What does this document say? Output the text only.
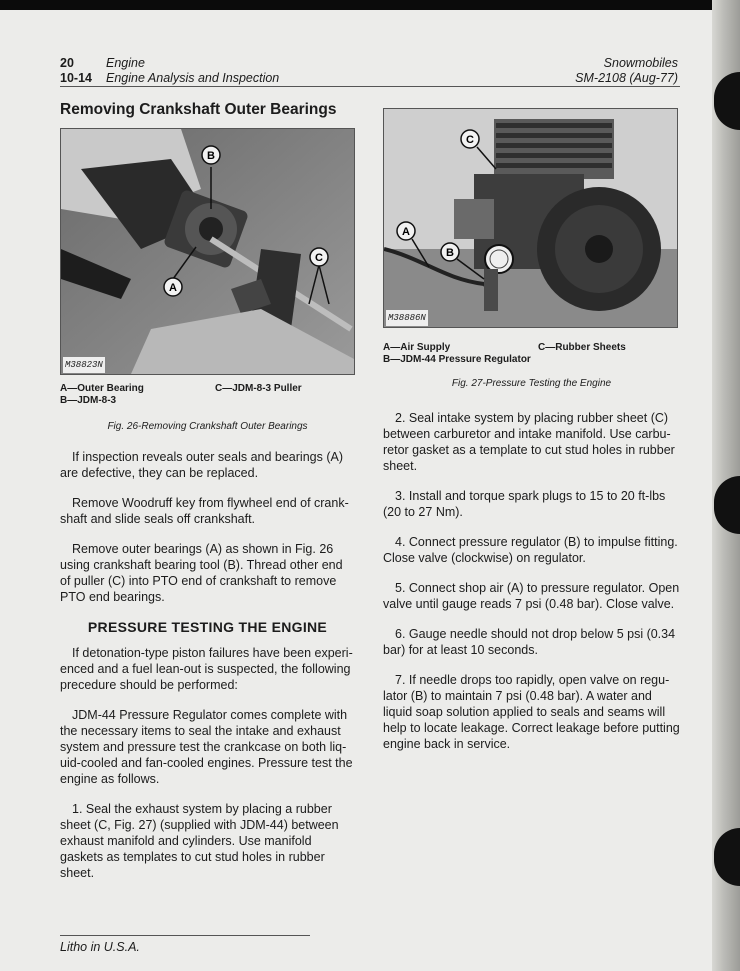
20	Engine
10-14 Engine Analysis and Inspection
Snowmobiles
SM-2108 (Aug-77)
Removing Crankshaft Outer Bearings
B
A
C
M38823N
A—Outer Bearing	C—JDM-8-3 Puller
B—JDM-8-3
Fig. 26-Removing Crankshaft Outer Bearings

If inspection reveals outer seals and bearings (A) are defective, they can be replaced.

Remove Woodruff key from flywheel end of crank-shaft and slide seals off crankshaft.

Remove outer bearings (A) as shown in Fig. 26 using crankshaft bearing tool (B). Thread other end of puller (C) into PTO end of crankshaft to remove PTO end bearings.

PRESSURE TESTING THE ENGINE

If detonation-type piston failures have been experi-enced and a fuel lean-out is suspected, the following precedure should be performed:

JDM-44 Pressure Regulator comes complete with the necessary items to seal the intake and exhaust system and pressure test the crankcase on both liq-uid-cooled and fan-cooled engines. Pressure test the engine as follows.

1. Seal the exhaust system by placing a rubber sheet (C, Fig. 27) (supplied with JDM-44) between exhaust manifold and cylinders. Use manifold gaskets as templates to cut stud holes in rubber sheet.

C
A
B
M38886N
A—Air Supply	C—Rubber Sheets
B—JDM-44 Pressure Regulator
Fig. 27-Pressure Testing the Engine

2. Seal intake system by placing rubber sheet (C) between carburetor and intake manifold. Use carbu-retor gasket as a template to cut stud holes in rubber sheet.

3. Install and torque spark plugs to 15 to 20 ft-lbs (20 to 27 Nm).

4. Connect pressure regulator (B) to impulse fitting. Close valve (clockwise) on regulator.

5. Connect shop air (A) to pressure regulator. Open valve until gauge reads 7 psi (0.48 bar). Close valve.

6. Gauge needle should not drop below 5 psi (0.34 bar) for at least 10 seconds.

7. If needle drops too rapidly, open valve on regu-lator (B) to maintain 7 psi (0.48 bar). A water and liquid soap solution applied to seals and seams will help to locate leakage. Correct leakage before putting engine back in service.

Litho in U.S.A.
